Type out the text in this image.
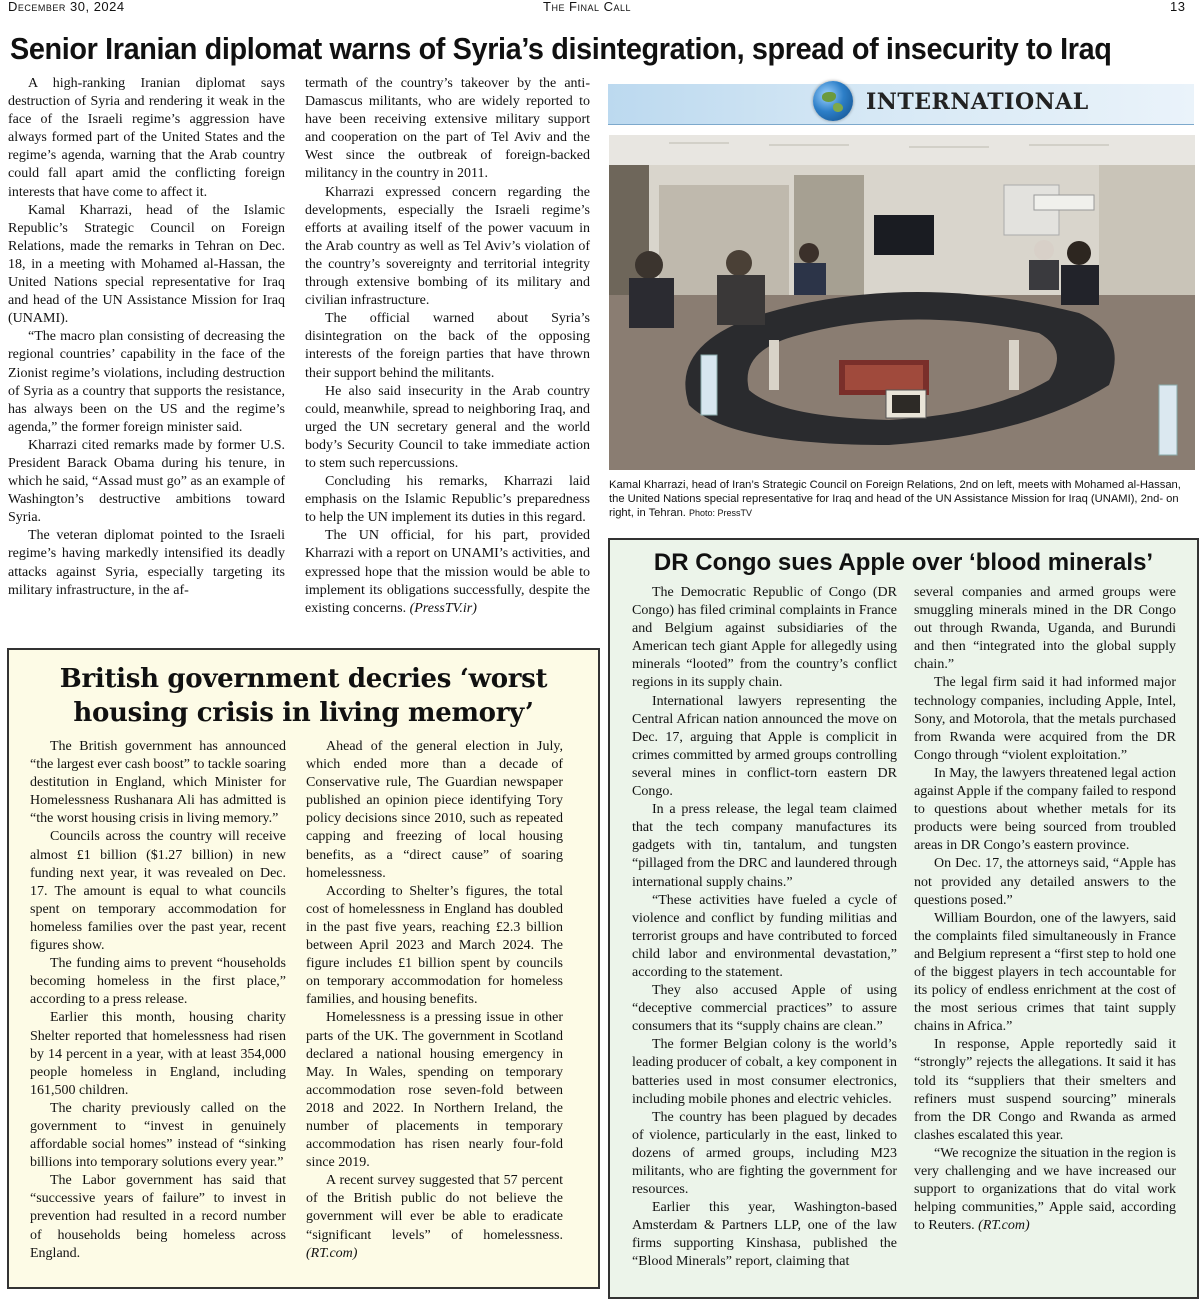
December 30, 2024	The Final Call	13
Senior Iranian diplomat warns of Syria’s disintegration, spread of insecurity to Iraq

A high-ranking Iranian diplomat says destruction of Syria and rendering it weak in the face of the Israeli regime’s aggression have always formed part of the United States and the regime’s agenda, warning that the Arab country could fall apart amid the conflicting foreign interests that have come to affect it.

Kamal Kharrazi, head of the Islamic Republic’s Strategic Council on Foreign Relations, made the remarks in Tehran on Dec. 18, in a meeting with Mohamed al-Hassan, the United Nations special representative for Iraq and head of the UN Assistance Mission for Iraq (UNAMI).

“The macro plan consisting of decreasing the regional countries’ capability in the face of the Zionist regime’s violations, including destruction of Syria as a country that supports the resistance, has always been on the US and the regime’s agenda,” the former foreign minister said.

Kharrazi cited remarks made by former U.S. President Barack Obama during his tenure, in which he said, “Assad must go” as an example of Washington’s destructive ambitions toward Syria.

The veteran diplomat pointed to the Israeli regime’s having markedly intensified its deadly attacks against Syria, especially targeting its military infrastructure, in the af-

termath of the country’s takeover by the anti-Damascus militants, who are widely reported to have been receiving extensive military support and cooperation on the part of Tel Aviv and the West since the outbreak of foreign-backed militancy in the country in 2011.

Kharrazi expressed concern regarding the developments, especially the Israeli regime’s efforts at availing itself of the power vacuum in the Arab country as well as Tel Aviv’s violation of the country’s sovereignty and territorial integrity through extensive bombing of its military and civilian infrastructure.

The official warned about Syria’s disintegration on the back of the opposing interests of the foreign parties that have thrown their support behind the militants.

He also said insecurity in the Arab country could, meanwhile, spread to neighboring Iraq, and urged the UN secretary general and the world body’s Security Council to take immediate action to stem such repercussions.

Concluding his remarks, Kharrazi laid emphasis on the Islamic Republic’s preparedness to help the UN implement its duties in this regard.

The UN official, for his part, provided Kharrazi with a report on UNAMI’s activities, and expressed hope that the mission would be able to implement its obligations successfully, despite the existing concerns. (PressTV.ir)

INTERNATIONAL
Kamal Kharrazi, head of Iran’s Strategic Council on Foreign Relations, 2nd on left, meets with Mohamed al-Hassan, the United Nations special representative for Iraq and head of the UN Assistance Mission for Iraq (UNAMI), 2nd- on right, in Tehran. Photo: PressTV
British government decries ‘worst housing crisis in living memory’

The British government has announced “the largest ever cash boost” to tackle soaring destitution in England, which Minister for Homelessness Rushanara Ali has admitted is “the worst housing crisis in living memory.”

Councils across the country will receive almost £1 billion ($1.27 billion) in new funding next year, it was revealed on Dec. 17. The amount is equal to what councils spent on temporary accommodation for homeless families over the past year, recent figures show.

The funding aims to prevent “households becoming homeless in the first place,” according to a press release.

Earlier this month, housing charity Shelter reported that homelessness had risen by 14 percent in a year, with at least 354,000 people homeless in England, including 161,500 children.

The charity previously called on the government to “invest in genuinely affordable social homes” instead of “sinking billions into temporary solutions every year.”

The Labor government has said that “successive years of failure” to invest in prevention had resulted in a record number of households being homeless across England.

Ahead of the general election in July, which ended more than a decade of Conservative rule, The Guardian newspaper published an opinion piece identifying Tory policy decisions since 2010, such as repeated capping and freezing of local housing benefits, as a “direct cause” of soaring homelessness.

According to Shelter’s figures, the total cost of homelessness in England has doubled in the past five years, reaching £2.3 billion between April 2023 and March 2024. The figure includes £1 billion spent by councils on temporary accommodation for homeless families, and housing benefits.

Homelessness is a pressing issue in other parts of the UK. The government in Scotland declared a national housing emergency in May. In Wales, spending on temporary accommodation rose seven-fold between 2018 and 2022. In Northern Ireland, the number of placements in temporary accommodation has risen nearly four-fold since 2019.

A recent survey suggested that 57 percent of the British public do not believe the government will ever be able to eradicate “significant levels” of homelessness. (RT.com)

DR Congo sues Apple over ‘blood minerals’

The Democratic Republic of Congo (DR Congo) has filed criminal complaints in France and Belgium against subsidiaries of the American tech giant Apple for allegedly using minerals “looted” from the country’s conflict regions in its supply chain.

International lawyers representing the Central African nation announced the move on Dec. 17, arguing that Apple is complicit in crimes committed by armed groups controlling several mines in conflict-torn eastern DR Congo.

In a press release, the legal team claimed that the tech company manufactures its gadgets with tin, tantalum, and tungsten “pillaged from the DRC and laundered through international supply chains.”

“These activities have fueled a cycle of violence and conflict by funding militias and terrorist groups and have contributed to forced child labor and environmental devastation,” according to the statement.

They also accused Apple of using “deceptive commercial practices” to assure consumers that its “supply chains are clean.”

The former Belgian colony is the world’s leading producer of cobalt, a key component in batteries used in most consumer electronics, including mobile phones and electric vehicles.

The country has been plagued by decades of violence, particularly in the east, linked to dozens of armed groups, including M23 militants, who are fighting the government for resources.

Earlier this year, Washington-based Amsterdam & Partners LLP, one of the law firms supporting Kinshasa, published the “Blood Minerals” report, claiming that

several companies and armed groups were smuggling minerals mined in the DR Congo out through Rwanda, Uganda, and Burundi and then “integrated into the global supply chain.”

The legal firm said it had informed major technology companies, including Apple, Intel, Sony, and Motorola, that the metals purchased from Rwanda were acquired from the DR Congo through “violent exploitation.”

In May, the lawyers threatened legal action against Apple if the company failed to respond to questions about whether metals for its products were being sourced from troubled areas in DR Congo’s eastern province.

On Dec. 17, the attorneys said, “Apple has not provided any detailed answers to the questions posed.”

William Bourdon, one of the lawyers, said the complaints filed simultaneously in France and Belgium represent a “first step to hold one of the biggest players in tech accountable for its policy of endless enrichment at the cost of the most serious crimes that taint supply chains in Africa.”

In response, Apple reportedly said it “strongly” rejects the allegations. It said it has told its “suppliers that their smelters and refiners must suspend sourcing” minerals from the DR Congo and Rwanda as armed clashes escalated this year.

“We recognize the situation in the region is very challenging and we have increased our support to organizations that do vital work helping communities,” Apple said, according to Reuters. (RT.com)
